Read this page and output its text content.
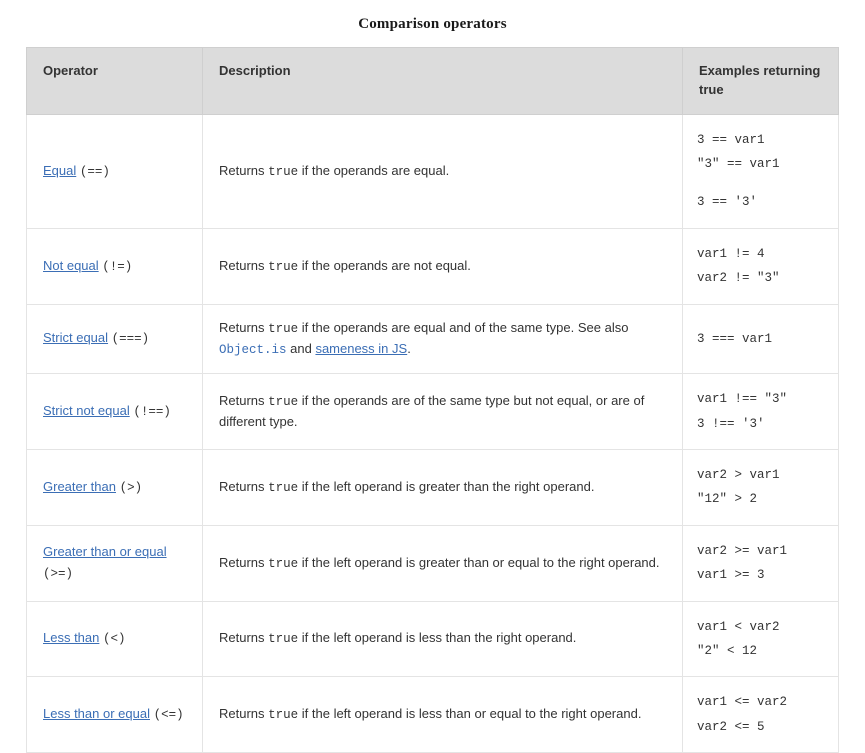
Comparison operators
Operator	Description	Examples returning true
Equal (==)	Returns true if the operands are equal.	3 == var1
"3" == var1
3 == '3'

Not equal (!=)	Returns true if the operands are not equal.	var1 != 4
var2 != "3"

Strict equal (===)	Returns true if the operands are equal and of the same type. See also Object.is and sameness in JS.	3 === var1

Strict not equal (!==)	Returns true if the operands are of the same type but not equal, or are of different type.	var1 !== "3"
3 !== '3'

Greater than (>)	Returns true if the left operand is greater than the right operand.	var2 > var1
"12" > 2

Greater than or equal (>=)	Returns true if the left operand is greater than or equal to the right operand.	var2 >= var1
var1 >= 3

Less than (<)	Returns true if the left operand is less than the right operand.	var1 < var2
"2" < 12

Less than or equal (<=)	Returns true if the left operand is less than or equal to the right operand.	var1 <= var2
var2 <= 5
